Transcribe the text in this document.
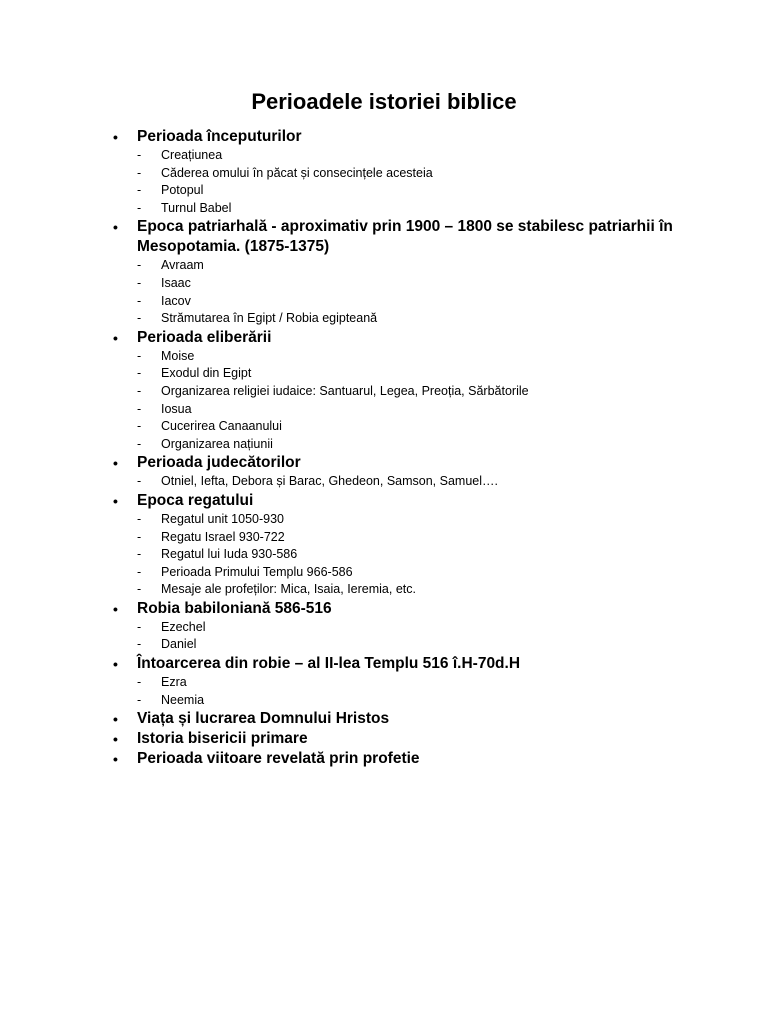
Perioadele istoriei biblice
•	Perioada începuturilor
-	Creațiunea
-	Căderea omului în păcat și consecințele acesteia
-	Potopul
-	Turnul Babel
•	Epoca patriarhală - aproximativ prin 1900 – 1800 se stabilesc patriarhii în Mesopotamia. (1875-1375)
-	Avraam
-	Isaac
-	Iacov
-	Strămutarea în Egipt / Robia egipteană
•	Perioada eliberării
-	Moise
-	Exodul din Egipt
-	Organizarea religiei iudaice: Santuarul, Legea, Preoția, Sărbătorile
-	Iosua
-	Cucerirea Canaanului
-	Organizarea națiunii
•	Perioada judecătorilor
-	Otniel, Iefta, Debora și Barac, Ghedeon, Samson, Samuel….
•	Epoca regatului
-	Regatul unit 1050-930
-	Regatu Israel 930-722
-	Regatul lui Iuda 930-586
-	Perioada Primului Templu 966-586
-	Mesaje ale profeților: Mica, Isaia, Ieremia, etc.
•	Robia babiloniană 586-516
-	Ezechel
-	Daniel
•	Întoarcerea din robie – al II-lea Templu 516 î.H-70d.H
-	Ezra
-	Neemia
•	Viața și lucrarea Domnului Hristos
•	Istoria bisericii primare
•	Perioada viitoare revelată prin profetie
